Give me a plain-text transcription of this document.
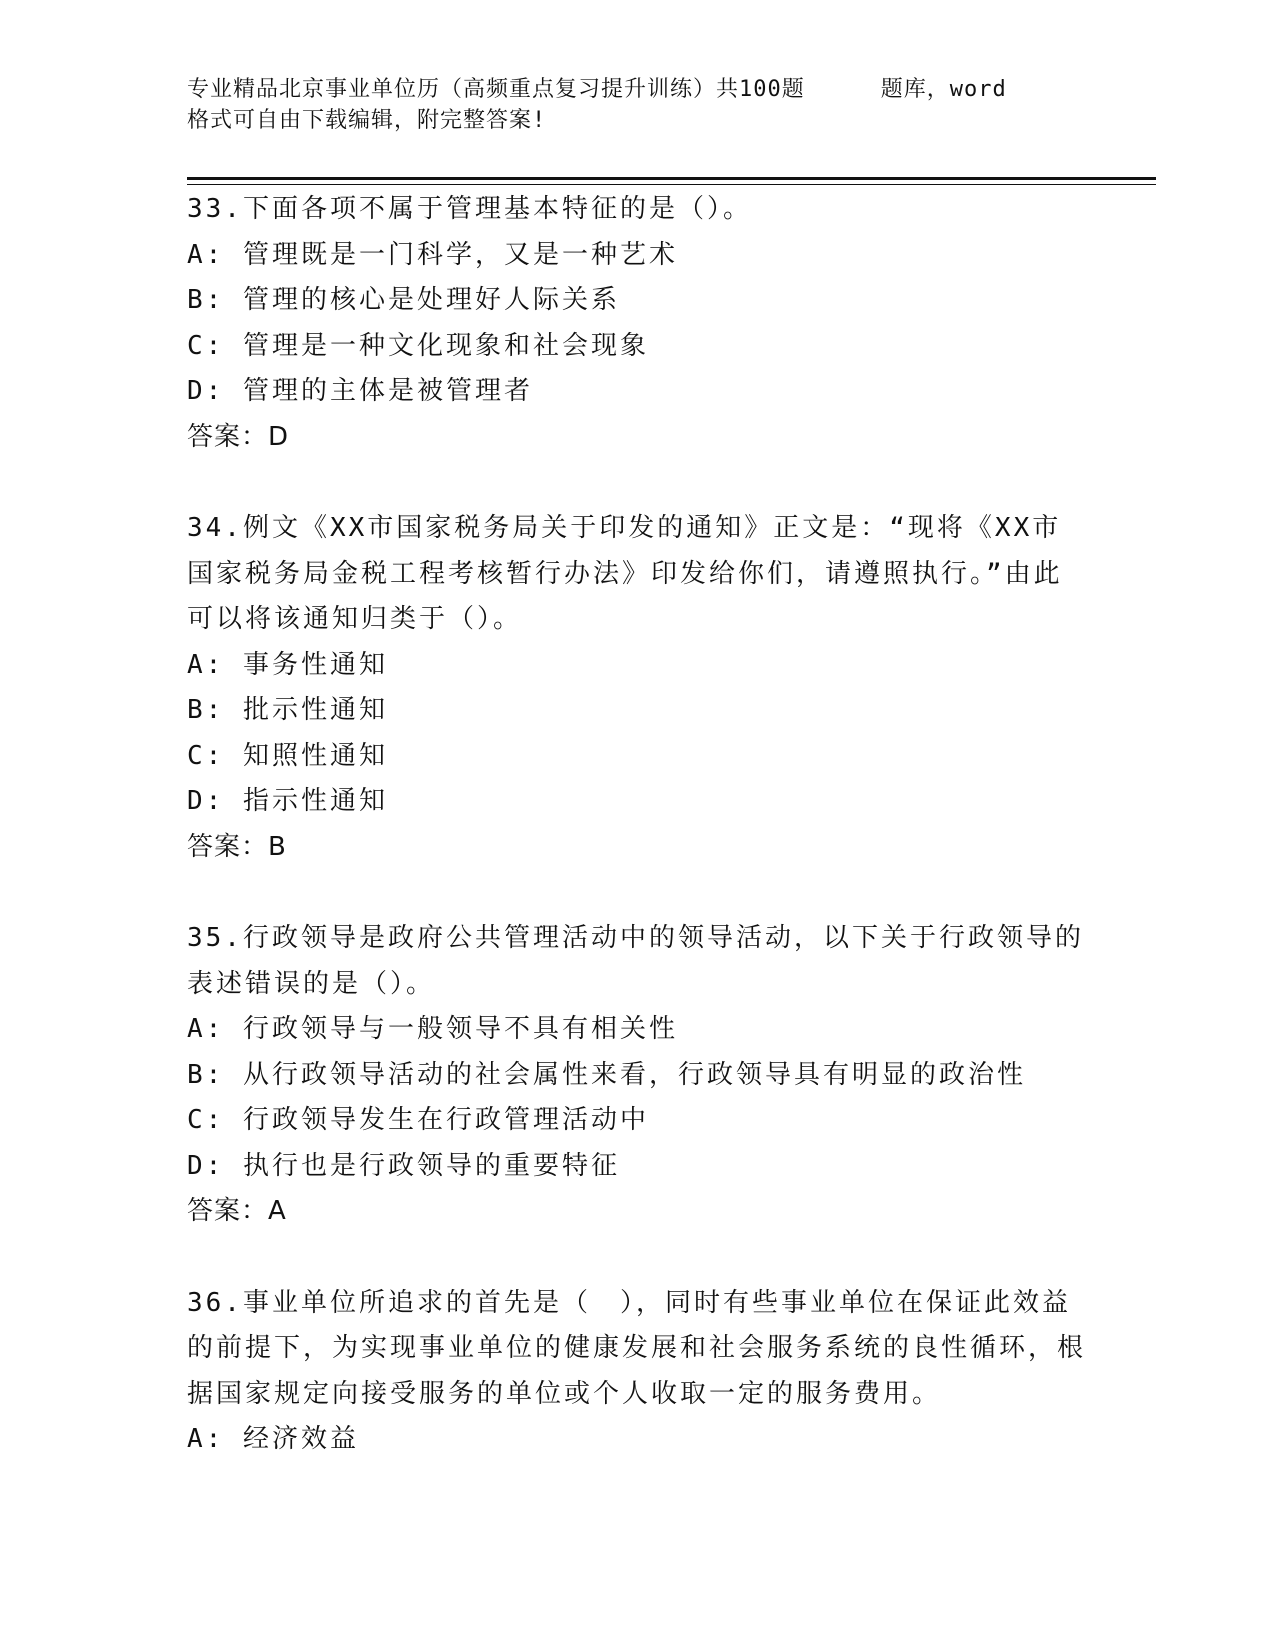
专业精品北京事业单位历（高频重点复习提升训练）共100题	题库，word
格式可自由下载编辑，附完整答案!
33.下面各项不属于管理基本特征的是（）。
A: 管理既是一门科学，又是一种艺术
B: 管理的核心是处理好人际关系
C: 管理是一种文化现象和社会现象
D: 管理的主体是被管理者
答案：D
34.例文《XX市国家税务局关于印发的通知》正文是：“现将《XX市国家税务局金税工程考核暂行办法》印发给你们，请遵照执行。”由此可以将该通知归类于（）。
A: 事务性通知
B: 批示性通知
C: 知照性通知
D: 指示性通知
答案：B
35.行政领导是政府公共管理活动中的领导活动，以下关于行政领导的表述错误的是（）。
A: 行政领导与一般领导不具有相关性
B: 从行政领导活动的社会属性来看，行政领导具有明显的政治性
C: 行政领导发生在行政管理活动中
D: 执行也是行政领导的重要特征
答案：A
36.事业单位所追求的首先是（　），同时有些事业单位在保证此效益的前提下，为实现事业单位的健康发展和社会服务系统的良性循环，根据国家规定向接受服务的单位或个人收取一定的服务费用。
A: 经济效益
